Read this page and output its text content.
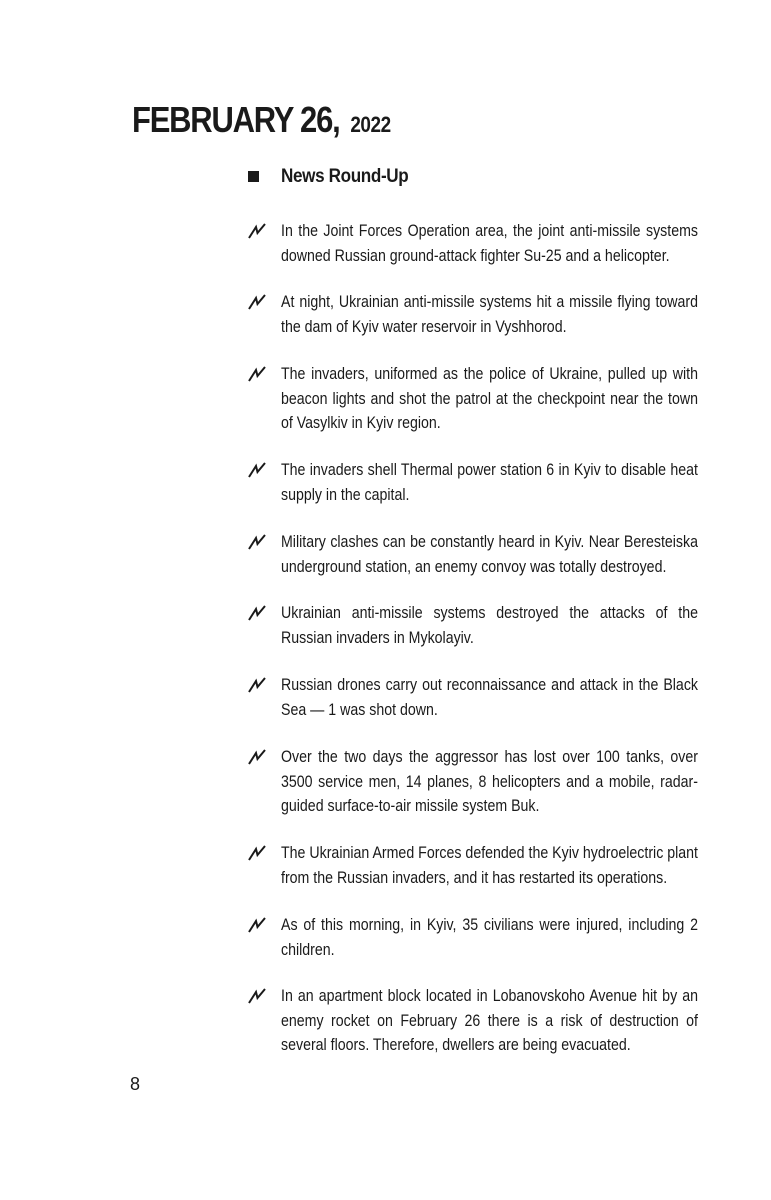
FEBRUARY 26, 2022
News Round-Up

In the Joint Forces Operation area, the joint anti-missile systems downed Russian ground-attack fighter Su-25 and a helicopter.

At night, Ukrainian anti-missile systems hit a missile flying toward the dam of Kyiv water reservoir in Vyshhorod.

The invaders, uniformed as the police of Ukraine, pulled up with beacon lights and shot the patrol at the checkpoint near the town of Vasylkiv in Kyiv region.

The invaders shell Thermal power station 6 in Kyiv to disable heat supply in the capital.

Military clashes can be constantly heard in Kyiv. Near Beresteiska underground station, an enemy convoy was totally destroyed.

Ukrainian anti-missile systems destroyed the attacks of the Russian invaders in Mykolayiv.

Russian drones carry out reconnaissance and attack in the Black Sea — 1 was shot down.

Over the two days the aggressor has lost over 100 tanks, over 3500 service men, 14 planes, 8 helicopters and a mobile, radar-guided surface-to-air missile system Buk.

The Ukrainian Armed Forces defended the Kyiv hydroelectric plant from the Russian invaders, and it has restarted its operations.

As of this morning, in Kyiv, 35 civilians were injured, including 2 children.

In an apartment block located in Lobanovskoho Avenue hit by an enemy rocket on February 26 there is a risk of destruction of several floors. Therefore, dwellers are being evacuated.

8
